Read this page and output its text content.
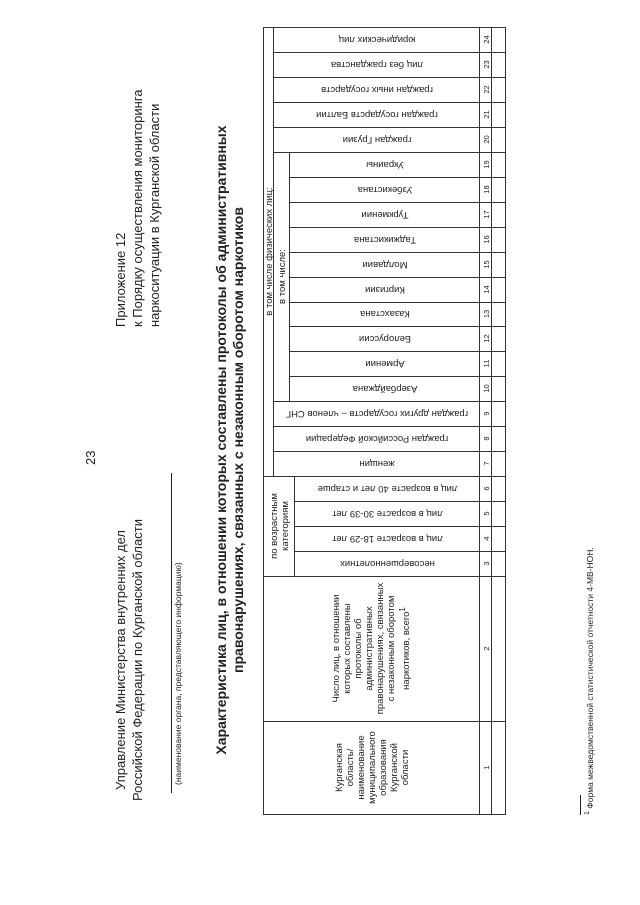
23
Управление Министерства внутренних дел Российской Федерации по Курганской области	(наименование органа, представляющего информацию)
Приложение 12 к Порядку осуществления мониторинга наркоситуации в Курганской области	Характеристика лиц, в отношении которых составлены протоколы об административных правонарушениях, связанных с незаконным оборотом наркотиков
Курганская область/ наименование муниципального образования Курганской области
Число лиц, в отношении которых составлены протоколы об административных правонарушениях, связанных с незаконным оборотом наркотиков, всего$^1$
по возрастным категориям
в том числе физических лиц: в том числе:
несовершеннолетних
лиц в возрасте 18-29 лет
лиц в возрасте 30-39 лет
лиц в возрасте 40 лет и старше
женщин
граждан Российской Федерации
граждан других государств – членов СНГ
Азербайджана
Армении
Белоруссии
Казахстана
Киргизии
Молдавии
Таджикистана
Туркмении
Узбекистана
Украины
граждан Грузии
граждан государств Балтии
граждан иных государств
лиц без гражданства
юридических лиц
1
2
3
4
5
6
7
8
9
10
11
12
13
14
15
16
17
18
19
20
21
22
23
24
$^1$ Форма межведомственной статистической отчетности 4-МВ-НОН.
